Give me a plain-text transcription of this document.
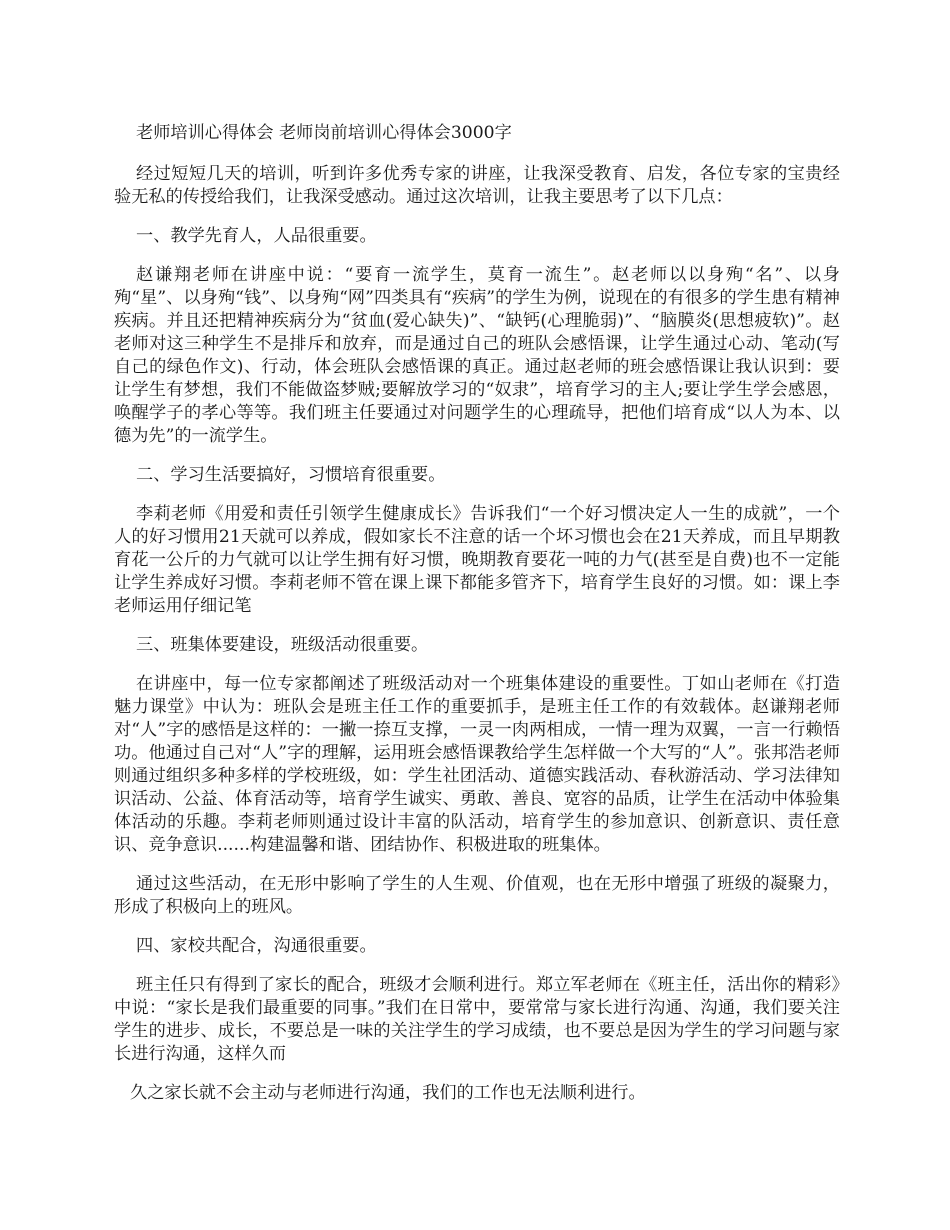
老师培训心得体会 老师岗前培训心得体会3000字

经过短短几天的培训，听到许多优秀专家的讲座，让我深受教育、启发，各位专家的宝贵经验无私的传授给我们，让我深受感动。通过这次培训，让我主要思考了以下几点：

一、教学先育人，人品很重要。

赵谦翔老师在讲座中说：“要育一流学生，莫育一流生”。赵老师以以身殉“名”、以身殉“星”、以身殉“钱”、以身殉“网”四类具有“疾病”的学生为例，说现在的有很多的学生患有精神疾病。并且还把精神疾病分为“贫血(爱心缺失)”、“缺钙(心理脆弱)”、“脑膜炎(思想疲软)”。赵老师对这三种学生不是排斥和放弃，而是通过自己的班队会感悟课，让学生通过心动、笔动(写自己的绿色作文)、行动，体会班队会感悟课的真正。通过赵老师的班会感悟课让我认识到：要让学生有梦想，我们不能做盗梦贼;要解放学习的“奴隶”，培育学习的主人;要让学生学会感恩，唤醒学子的孝心等等。我们班主任要通过对问题学生的心理疏导，把他们培育成“以人为本、以德为先”的一流学生。

二、学习生活要搞好，习惯培育很重要。

李莉老师《用爱和责任引领学生健康成长》告诉我们“一个好习惯决定人一生的成就”，一个人的好习惯用21天就可以养成，假如家长不注意的话一个坏习惯也会在21天养成，而且早期教育花一公斤的力气就可以让学生拥有好习惯，晚期教育要花一吨的力气(甚至是自费)也不一定能让学生养成好习惯。李莉老师不管在课上课下都能多管齐下，培育学生良好的习惯。如：课上李老师运用仔细记笔

三、班集体要建设，班级活动很重要。

在讲座中，每一位专家都阐述了班级活动对一个班集体建设的重要性。丁如山老师在《打造魅力课堂》中认为：班队会是班主任工作的重要抓手，是班主任工作的有效载体。赵谦翔老师对“人”字的感悟是这样的：一撇一捺互支撑，一灵一肉两相成，一情一理为双翼，一言一行赖悟功。他通过自己对“人”字的理解，运用班会感悟课教给学生怎样做一个大写的“人”。张邦浩老师则通过组织多种多样的学校班级，如：学生社团活动、道德实践活动、春秋游活动、学习法律知识活动、公益、体育活动等，培育学生诚实、勇敢、善良、宽容的品质，让学生在活动中体验集体活动的乐趣。李莉老师则通过设计丰富的队活动，培育学生的参加意识、创新意识、责任意识、竞争意识......构建温馨和谐、团结协作、积极进取的班集体。

通过这些活动，在无形中影响了学生的人生观、价值观，也在无形中增强了班级的凝聚力，形成了积极向上的班风。

四、家校共配合，沟通很重要。

班主任只有得到了家长的配合，班级才会顺利进行。郑立军老师在《班主任，活出你的精彩》中说：“家长是我们最重要的同事。”我们在日常中，要常常与家长进行沟通、沟通，我们要关注学生的进步、成长，不要总是一味的关注学生的学习成绩，也不要总是因为学生的学习问题与家长进行沟通，这样久而

久之家长就不会主动与老师进行沟通，我们的工作也无法顺利进行。
